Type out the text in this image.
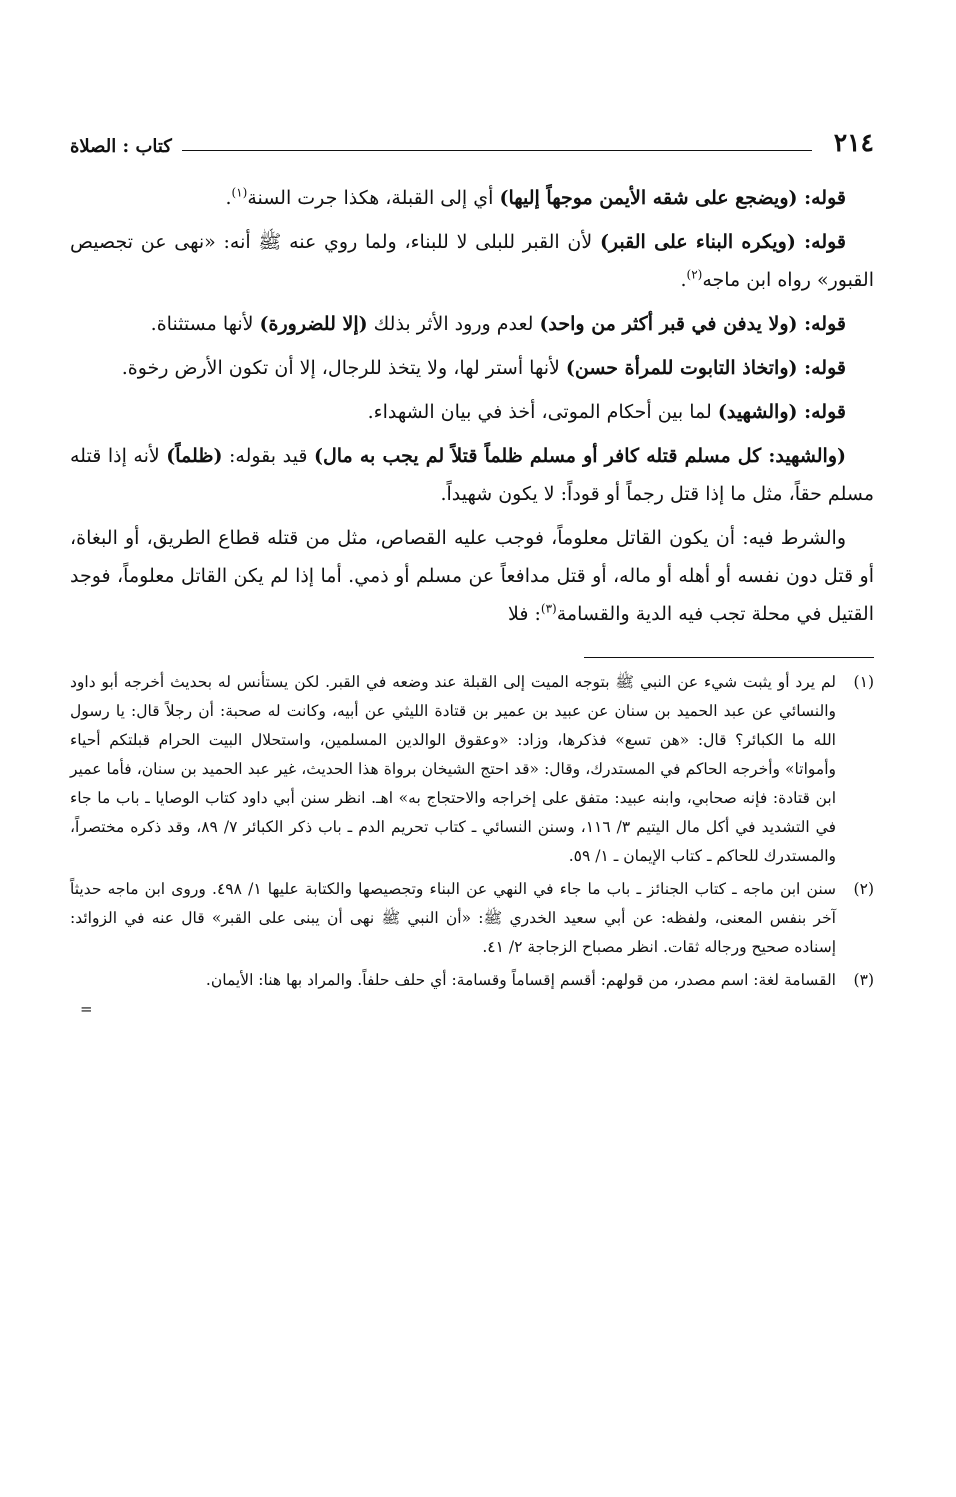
٢١٤
كتاب : الصلاة

قوله: (ويضجع على شقه الأيمن موجهاً إليها) أي إلى القبلة، هكذا جرت السنة$^{(١)}$.

قوله: (ويكره البناء على القبر) لأن القبر للبلى لا للبناء، ولما روي عنه ﷺ أنه: «نهى عن تجصيص القبور» رواه ابن ماجه$^{(٢)}$.

قوله: (ولا يدفن في قبر أكثر من واحد) لعدم ورود الأثر بذلك (إلا للضرورة) لأنها مستثناة.

قوله: (واتخاذ التابوت للمرأة حسن) لأنها أستر لها، ولا يتخذ للرجال، إلا أن تكون الأرض رخوة.

قوله: (والشهيد) لما بين أحكام الموتى، أخذ في بيان الشهداء.

(والشهيد: كل مسلم قتله كافر أو مسلم ظلماً قتلاً لم يجب به مال) قيد بقوله: (ظلماً) لأنه إذا قتله مسلم حقاً، مثل ما إذا قتل رجماً أو قوداً: لا يكون شهيداً.

والشرط فيه: أن يكون القاتل معلوماً، فوجب عليه القصاص، مثل من قتله قطاع الطريق، أو البغاة، أو قتل دون نفسه أو أهله أو ماله، أو قتل مدافعاً عن مسلم أو ذمي. أما إذا لم يكن القاتل معلوماً، فوجد القتيل في محلة تجب فيه الدية والقسامة$^{(٣)}$: فلا

(١)
لم يرد أو يثبت شيء عن النبي ﷺ بتوجه الميت إلى القبلة عند وضعه في القبر. لكن يستأنس له بحديث أخرجه أبو داود والنسائي عن عبد الحميد بن سنان عن عبيد بن عمير بن قتادة الليثي عن أبيه، وكانت له صحبة: أن رجلاً قال: يا رسول الله ما الكبائر؟ قال: «هن تسع» فذكرها، وزاد: «وعقوق الوالدين المسلمين، واستحلال البيت الحرام قبلتكم أحياء وأمواتا» وأخرجه الحاكم في المستدرك، وقال: «قد احتج الشيخان برواة هذا الحديث، غير عبد الحميد بن سنان، فأما عمير ابن قتادة: فإنه صحابي، وابنه عبيد: متفق على إخراجه والاحتجاج به» اهـ. انظر سنن أبي داود كتاب الوصايا ـ باب ما جاء في التشديد في أكل مال اليتيم ٣/ ١١٦، وسنن النسائي ـ كتاب تحريم الدم ـ باب ذكر الكبائر ٧/ ٨٩، وقد ذكره مختصراً، والمستدرك للحاكم ـ كتاب الإيمان ـ ١/ ٥٩.
(٢)
سنن ابن ماجه ـ كتاب الجنائز ـ باب ما جاء في النهي عن البناء وتجصيصها والكتابة عليها ١/ ٤٩٨. وروى ابن ماجه حديثاً آخر بنفس المعنى، ولفظه: عن أبي سعيد الخدري ﷺ: «أن النبي ﷺ نهى أن يبنى على القبر» قال عنه في الزوائد: إسناده صحيح ورجاله ثقات. انظر مصباح الزجاجة ٢/ ٤١.
(٣)
القسامة لغة: اسم مصدر، من قولهم: أقسم إقساماً وقسامة: أي حلف حلفاً. والمراد بها هنا: الأيمان.
=
